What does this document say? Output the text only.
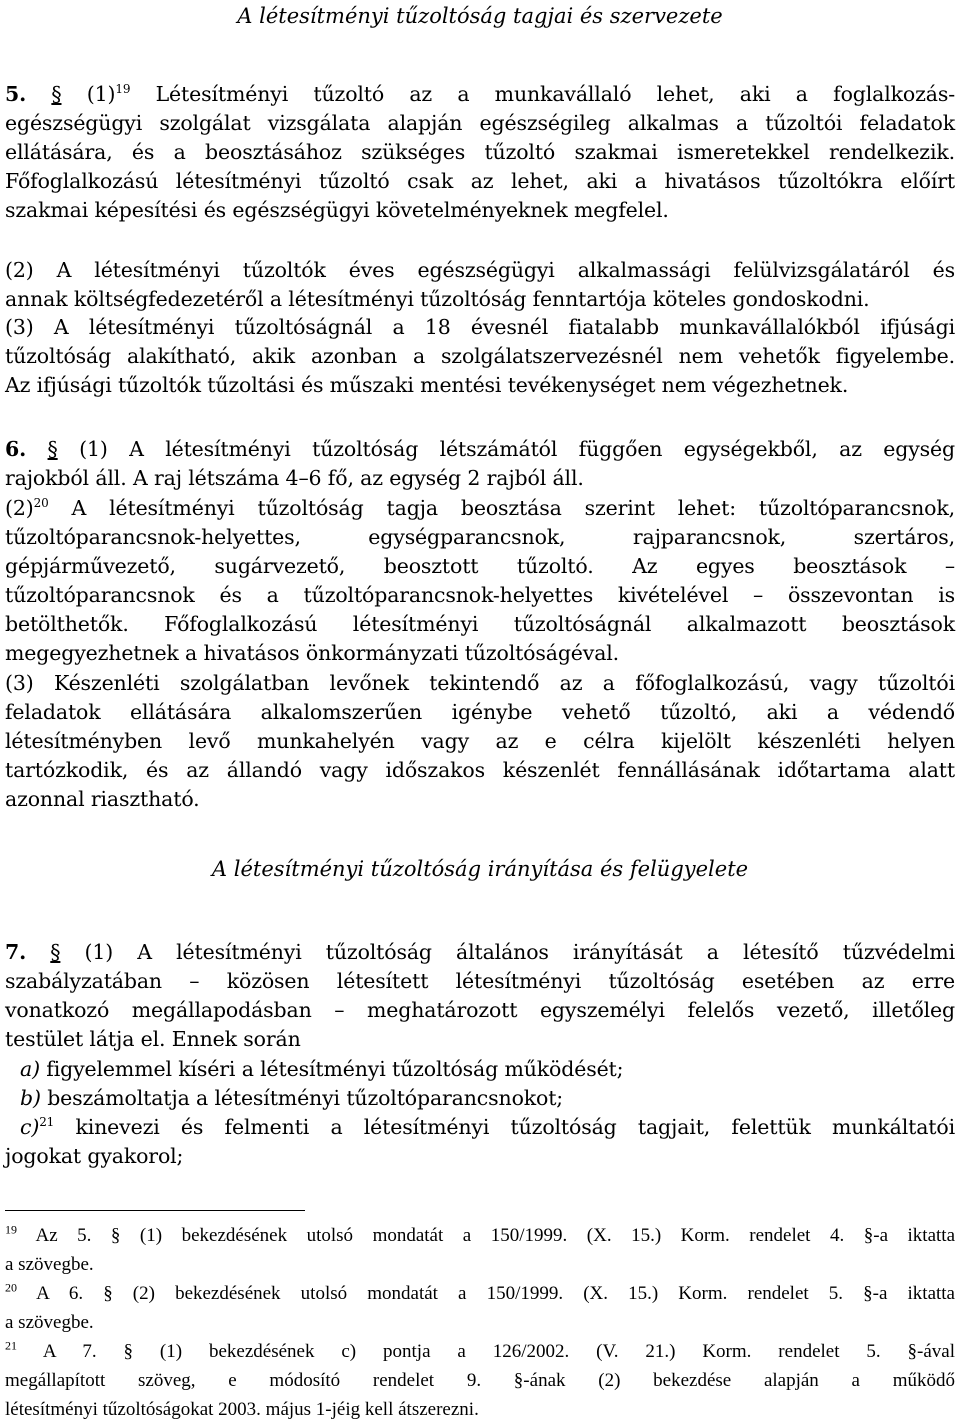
A létesítményi tűzoltóság tagjai és szervezete
5. § $(1)^{19}$ Létesítményi tűzoltó az a munkavállaló lehet, aki a foglalkozás-
egészségügyi szolgálat vizsgálata alapján egészségileg alkalmas a tűzoltói feladatok
ellátására, és a beosztásához szükséges tűzoltó szakmai ismeretekkel rendelkezik.
Főfoglalkozású létesítményi tűzoltó csak az lehet, aki a hivatásos tűzoltókra előírt
szakmai képesítési és egészségügyi követelményeknek megfelel.
(2) A létesítményi tűzoltók éves egészségügyi alkalmassági felülvizsgálatáról és
annak költségfedezetéről a létesítményi tűzoltóság fenntartója köteles gondoskodni.
(3) A létesítményi tűzoltóságnál a 18 évesnél fiatalabb munkavállalókból ifjúsági
tűzoltóság alakítható, akik azonban a szolgálatszervezésnél nem vehetők figyelembe.
Az ifjúsági tűzoltók tűzoltási és műszaki mentési tevékenységet nem végezhetnek.
6. § (1) A létesítményi tűzoltóság létszámától függően egységekből, az egység
rajokból áll. A raj létszáma 4–6 fő, az egység 2 rajból áll.
$(2)^{20}$ A létesítményi tűzoltóság tagja beosztása szerint lehet: tűzoltóparancsnok,
tűzoltóparancsnok-helyettes, egységparancsnok, rajparancsnok, szertáros,
gépjárművezető, sugárvezető, beosztott tűzoltó. Az egyes beosztások –
tűzoltóparancsnok és a tűzoltóparancsnok-helyettes kivételével – összevontan is
betölthetők. Főfoglalkozású létesítményi tűzoltóságnál alkalmazott beosztások
megegyezhetnek a hivatásos önkormányzati tűzoltóságéval.
(3) Készenléti szolgálatban levőnek tekintendő az a főfoglalkozású, vagy tűzoltói
feladatok ellátására alkalomszerűen igénybe vehető tűzoltó, aki a védendő
létesítményben levő munkahelyén vagy az e célra kijelölt készenléti helyen
tartózkodik, és az állandó vagy időszakos készenlét fennállásának időtartama alatt
azonnal riasztható.
A létesítményi tűzoltóság irányítása és felügyelete
7. § (1) A létesítményi tűzoltóság általános irányítását a létesítő tűzvédelmi
szabályzatában – közösen létesített létesítményi tűzoltóság esetében az erre
vonatkozó megállapodásban – meghatározott egyszemélyi felelős vezető, illetőleg
testület látja el. Ennek során
a) figyelemmel kíséri a létesítményi tűzoltóság működését;
b) beszámoltatja a létesítményi tűzoltóparancsnokot;
c)$^{21}$ kinevezi és felmenti a létesítményi tűzoltóság tagjait, felettük munkáltatói
jogokat gyakorol;
$^{19}$ Az 5. § (1) bekezdésének utolsó mondatát a 150/1999. (X. 15.) Korm. rendelet 4. §-a iktatta
a szövegbe.
$^{20}$ A 6. § (2) bekezdésének utolsó mondatát a 150/1999. (X. 15.) Korm. rendelet 5. §-a iktatta
a szövegbe.
$^{21}$ A 7. § (1) bekezdésének c) pontja a 126/2002. (V. 21.) Korm. rendelet 5. §-ával
megállapított szöveg, e módosító rendelet 9. §-ának (2) bekezdése alapján a működő
létesítményi tűzoltóságokat 2003. május 1-jéig kell átszerezni.
